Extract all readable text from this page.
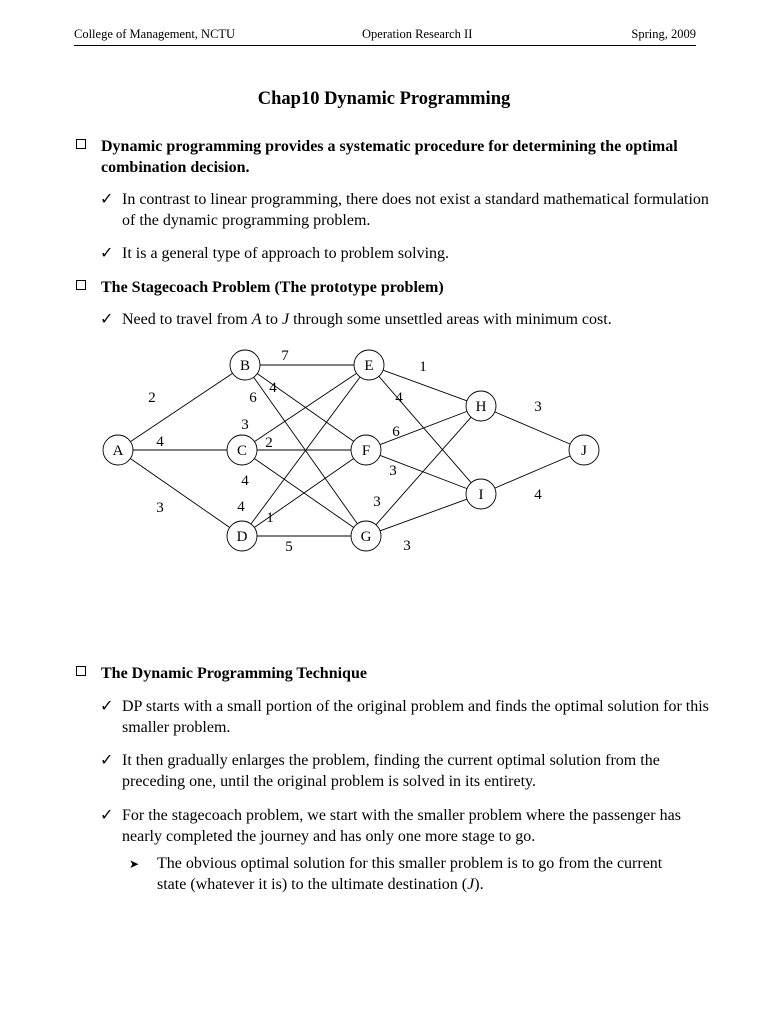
College of Management, NCTU	Operation Research II	Spring, 2009
Chap10 Dynamic Programming
Dynamic programming provides a systematic procedure for determining the optimal combination decision.
✓ In contrast to linear programming, there does not exist a standard mathematical formulation of the dynamic programming problem.
✓ It is a general type of approach to problem solving.
The Stagecoach Problem (The prototype problem)
✓ Need to travel from A to J through some unsettled areas with minimum cost.
2
4
3
7
4
6
3
2
4
4
1
5
1
4
6
3
3
3
3
4
A
B
C
D
E
F
G
H
I
J
The Dynamic Programming Technique
✓ DP starts with a small portion of the original problem and finds the optimal solution for this smaller problem.
✓ It then gradually enlarges the problem, finding the current optimal solution from the preceding one, until the original problem is solved in its entirety.
✓ For the stagecoach problem, we start with the smaller problem where the passenger has nearly completed the journey and has only one more stage to go.
➤ The obvious optimal solution for this smaller problem is to go from the current state (whatever it is) to the ultimate destination (J).
